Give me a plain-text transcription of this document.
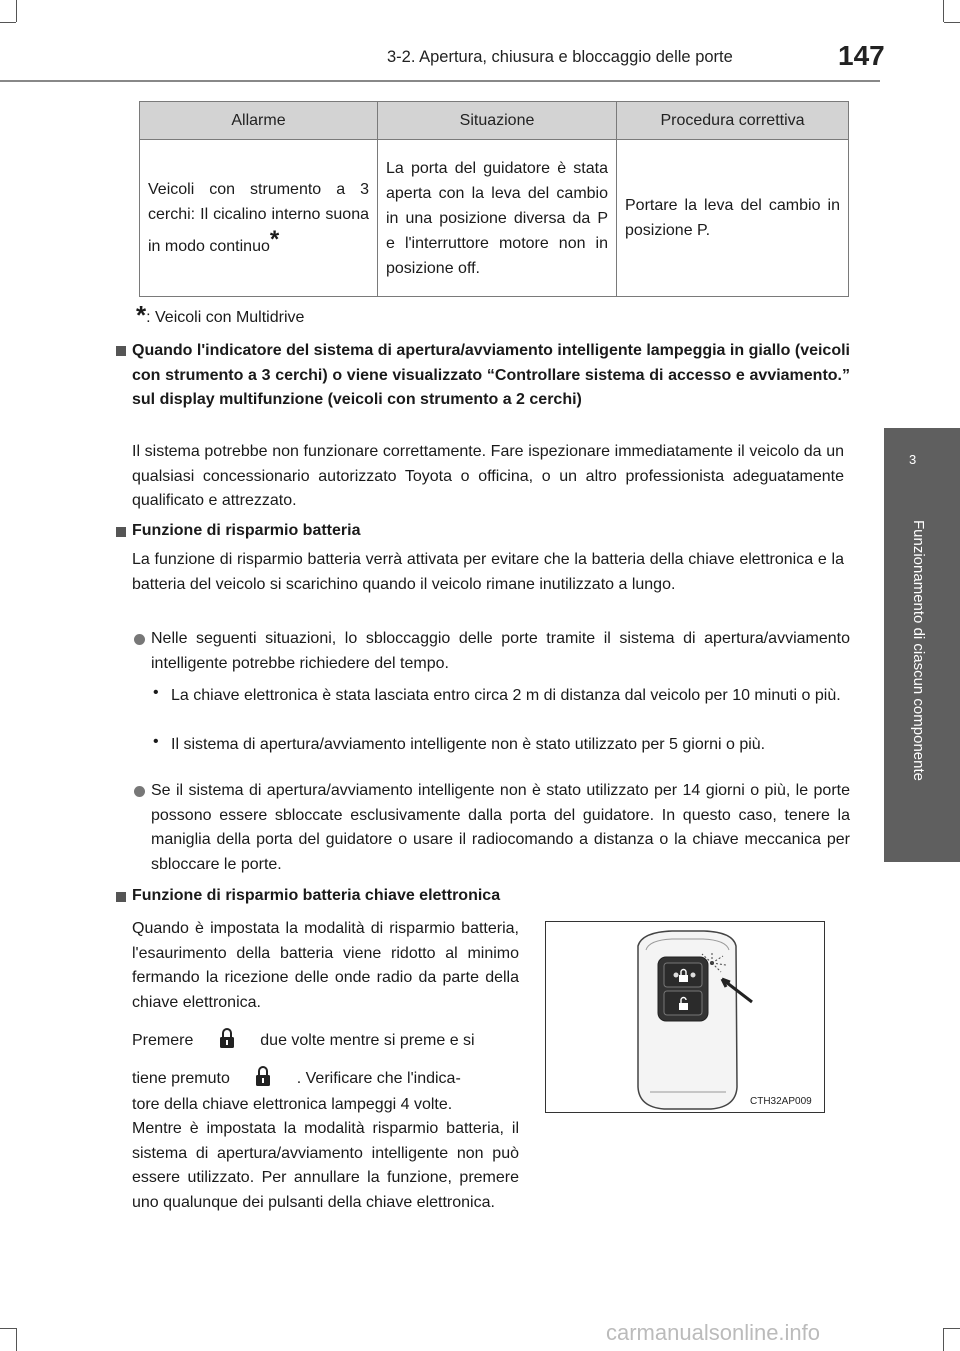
3-2. Apertura, chiusura e bloccaggio delle porte	147
3
Funzionamento di ciascun componente
Allarme	Situazione	Procedura correttiva
Veicoli con strumento a 3 cerchi: Il cicalino interno suona in modo continuo*	La porta del guidatore è stata aperta con la leva del cambio in una posizione diversa da P e l'interruttore motore non in posizione off.	Portare la leva del cambio in posizione P.
*: Veicoli con Multidrive
Quando l'indicatore del sistema di apertura/avviamento intelligente lampeggia in giallo (veicoli con strumento a 3 cerchi) o viene visualizzato “Controllare sistema di accesso e avviamento.” sul display multifunzione (veicoli con strumento a 2 cerchi)
Il sistema potrebbe non funzionare correttamente. Fare ispezionare immediatamente il veicolo da un qualsiasi concessionario autorizzato Toyota o officina, o un altro professionista adeguatamente qualificato e attrezzato.
Funzione di risparmio batteria
La funzione di risparmio batteria verrà attivata per evitare che la batteria della chiave elettronica e la batteria del veicolo si scarichino quando il veicolo rimane inutilizzato a lungo.
Nelle seguenti situazioni, lo sbloccaggio delle porte tramite il sistema di apertura/avviamento intelligente potrebbe richiedere del tempo.
• La chiave elettronica è stata lasciata entro circa 2 m di distanza dal veicolo per 10 minuti o più.
• Il sistema di apertura/avviamento intelligente non è stato utilizzato per 5 giorni o più.
Se il sistema di apertura/avviamento intelligente non è stato utilizzato per 14 giorni o più, le porte possono essere sbloccate esclusivamente dalla porta del guidatore. In questo caso, tenere la maniglia della porta del guidatore o usare il radiocomando a distanza o la chiave meccanica per sbloccare le porte.
Funzione di risparmio batteria chiave elettronica
Quando è impostata la modalità di risparmio batteria, l'esaurimento della batteria viene ridotto al minimo fermando la ricezione delle onde radio da parte della chiave elettronica.
Premere	due volte mentre si preme e si
tiene premuto	. Verificare che l'indica-
tore della chiave elettronica lampeggi 4 volte.
Mentre è impostata la modalità risparmio batteria, il sistema di apertura/avviamento intelligente non può essere utilizzato. Per annullare la funzione, premere uno qualunque dei pulsanti della chiave elettronica.
CTH32AP009
carmanualsonline.info
